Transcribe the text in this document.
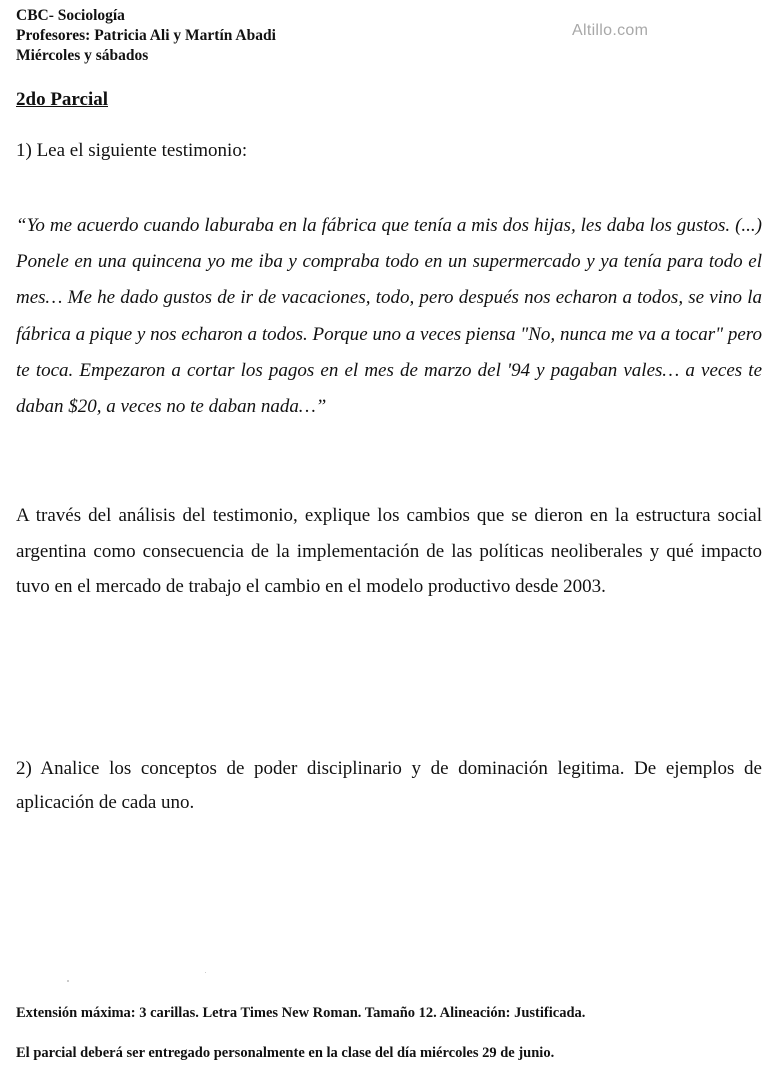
CBC- Sociología
Profesores: Patricia Ali y Martín Abadi
Miércoles y sábados
Altillo.com
2do Parcial
1) Lea el siguiente testimonio:

“Yo me acuerdo cuando laburaba en la fábrica que tenía a mis dos hijas, les daba los gustos. (...) Ponele en una quincena yo me iba y compraba todo en un supermercado y ya tenía para todo el mes… Me he dado gustos de ir de vacaciones, todo, pero después nos echaron a todos, se vino la fábrica a pique y nos echaron a todos. Porque uno a veces piensa "No, nunca me va a tocar" pero te toca. Empezaron a cortar los pagos en el mes de marzo del '94 y pagaban vales… a veces te daban $20, a veces no te daban nada…”

A través del análisis del testimonio, explique los cambios que se dieron en la estructura social argentina como consecuencia de la implementación de las políticas neoliberales y qué impacto tuvo en el mercado de trabajo el cambio en el modelo productivo desde 2003.

2) Analice los conceptos de poder disciplinario y de dominación legitima. De ejemplos de aplicación de cada uno.

Extensión máxima: 3 carillas. Letra Times New Roman. Tamaño 12. Alineación: Justificada.
El parcial deberá ser entregado personalmente en la clase del día miércoles 29 de junio.
